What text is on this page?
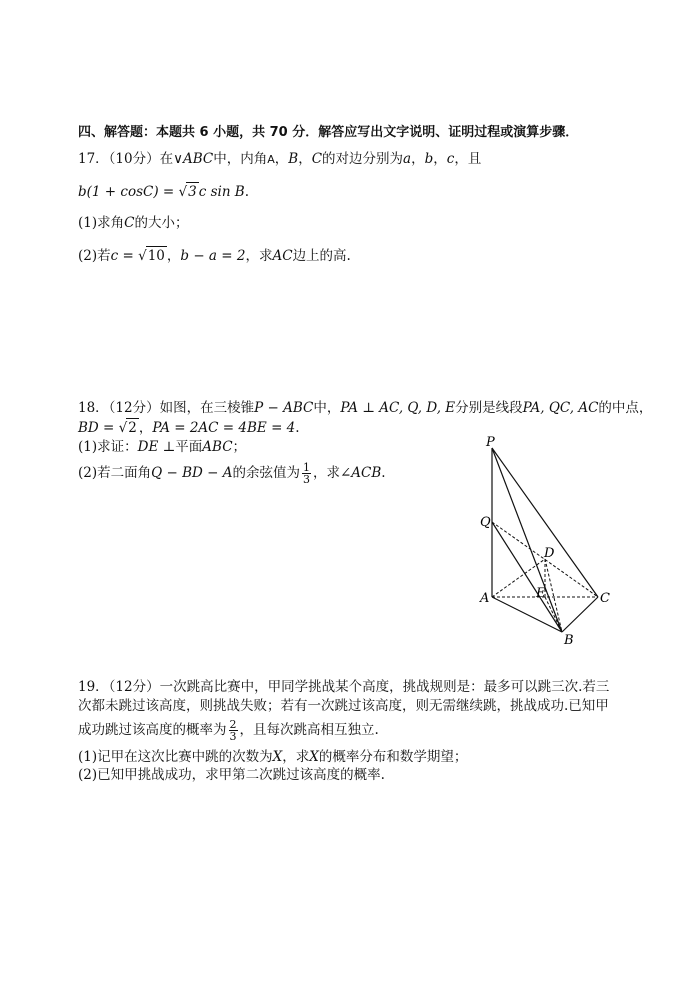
四、解答题：本题共 6 小题，共 70 分．解答应写出文字说明、证明过程或演算步骤．
17．（10分）在∨ABC中，内角A，B，C的对边分别为a，b，c，且
b(1 + cosC) = √3 c sin B.
(1)求角C的大小；
(2)若c = √10 ，b − a = 2，求AC边上的高.
18．（12分）如图，在三棱锥P − ABC中，PA ⊥ AC, Q, D, E分别是线段PA, QC, AC的中点，
BD = √2 ，PA = 2AC = 4BE = 4.
(1)求证：DE ⊥平面ABC；
(2)若二面角Q − BD − A的余弦值为 $\frac{1}{3}$ ，求∠ACB.
P
Q
D
A	E	C
B
19．（12分）一次跳高比赛中，甲同学挑战某个高度，挑战规则是：最多可以跳三次.若三
次都未跳过该高度，则挑战失败；若有一次跳过该高度，则无需继续跳，挑战成功.已知甲
成功跳过该高度的概率为 $\frac{2}{3}$ ，且每次跳高相互独立.
(1)记甲在这次比赛中跳的次数为X，求X的概率分布和数学期望；
(2)已知甲挑战成功，求甲第二次跳过该高度的概率.
